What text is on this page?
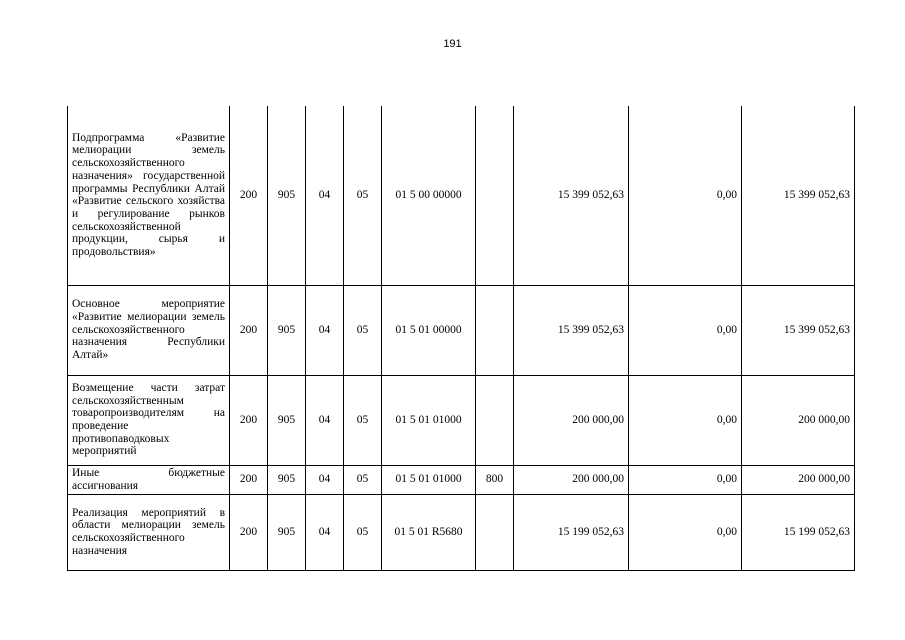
191
Подпрограмма «Развитие мелиорации земель сельскохозяйственного назначения» государственной программы Республики Алтай «Развитие сельского хозяйства и регулирование рынков сельскохозяйственной продукции, сырья и продовольствия»	200	905	04	05	01 5 00 00000		15 399 052,63	0,00	15 399 052,63
Основное мероприятие «Развитие мелиорации земель сельскохозяйственного назначения Республики Алтай»	200	905	04	05	01 5 01 00000		15 399 052,63	0,00	15 399 052,63
Возмещение части затрат сельскохозяйственным товаропроизводителям на проведение противопаводковых мероприятий	200	905	04	05	01 5 01 01000		200 000,00	0,00	200 000,00
Иные бюджетные ассигнования	200	905	04	05	01 5 01 01000	800	200 000,00	0,00	200 000,00
Реализация мероприятий в области мелиорации земель сельскохозяйственного назначения	200	905	04	05	01 5 01 R5680		15 199 052,63	0,00	15 199 052,63
